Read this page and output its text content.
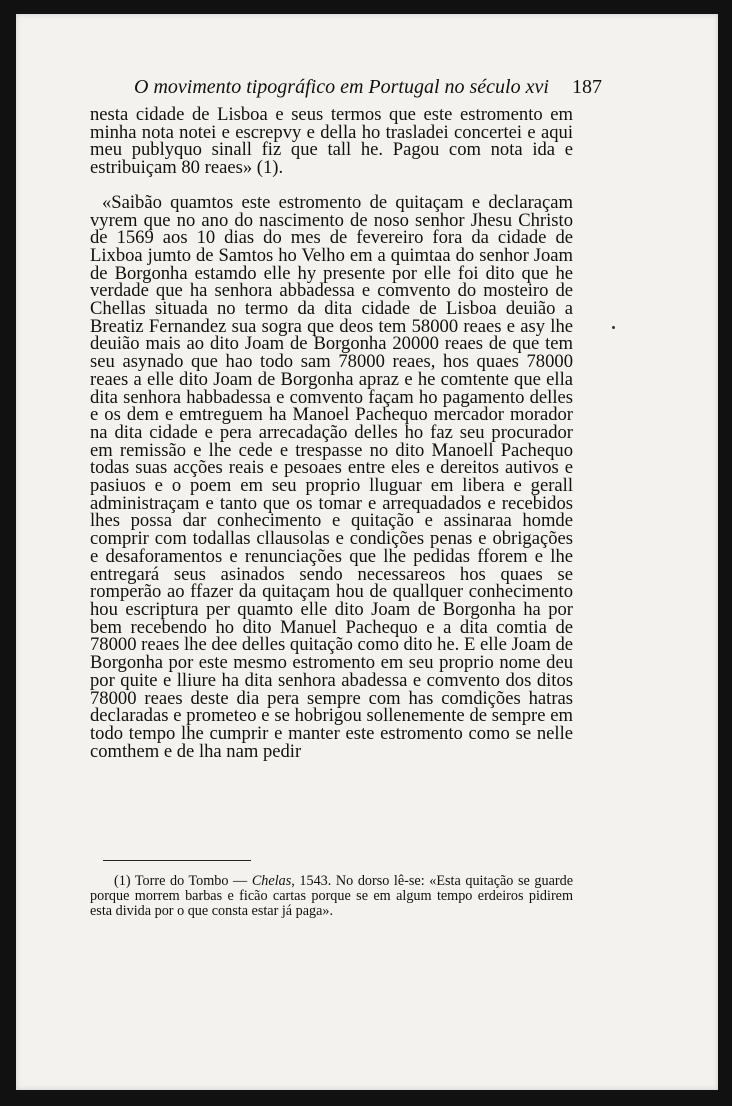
O movimento tipográfico em Portugal no século xvi 187

nesta cidade de Lisboa e seus termos que este estromento em minha nota notei e escrepvy e della ho trasladei concertei e aqui meu publyquo sinall fiz que tall he. Pagou com nota ida e estribuiçam 80 reaes» (1).

«Saibão quamtos este estromento de quitaçam e declaraçam vyrem que no ano do nascimento de noso senhor Jhesu Christo de 1569 aos 10 dias do mes de fevereiro fora da cidade de Lixboa jumto de Samtos ho Velho em a quimtaa do senhor Joam de Borgonha estamdo elle hy presente por elle foi dito que he verdade que ha senhora abbadessa e comvento do mosteiro de Chellas situada no termo da dita cidade de Lisboa deuião a Breatiz Fernandez sua sogra que deos tem 58000 reaes e asy lhe deuião mais ao dito Joam de Borgonha 20000 reaes de que tem seu asynado que hao todo sam 78000 reaes, hos quaes 78000 reaes a elle dito Joam de Borgonha apraz e he comtente que ella dita senhora habbadessa e comvento façam ho pagamento delles e os dem e emtreguem ha Manoel Pachequo mercador morador na dita cidade e pera arrecadação delles ho faz seu procurador em remissão e lhe cede e trespasse no dito Manoell Pachequo todas suas acções reais e pesoaes entre eles e dereitos autivos e pasiuos e o poem em seu proprio lluguar em libera e gerall administraçam e tanto que os tomar e arrequadados e recebidos lhes possa dar conhecimento e quitação e assinaraa homde comprir com todallas cllausolas e condições penas e obrigações e desaforamentos e renunciações que lhe pedidas fforem e lhe entregará seus asinados sendo necessareos hos quaes se romperão ao ffazer da quitaçam hou de quallquer conhecimento hou escriptura per quamto elle dito Joam de Borgonha ha por bem recebendo ho dito Manuel Pachequo e a dita comtia de 78000 reaes lhe dee delles quitação como dito he. E elle Joam de Borgonha por este mesmo estromento em seu proprio nome deu por quite e lliure ha dita senhora abadessa e comvento dos ditos 78000 reaes deste dia pera sempre com has comdições hatras declaradas e prometeo e se hobrigou sollenemente de sempre em todo tempo lhe cumprir e manter este estromento como se nelle comthem e de lha nam pedir

(1) Torre do Tombo — Chelas, 1543. No dorso lê-se: «Esta quitação se guarde porque morrem barbas e ficão cartas porque se em algum tempo erdeiros pidirem esta divida por o que consta estar já paga».
